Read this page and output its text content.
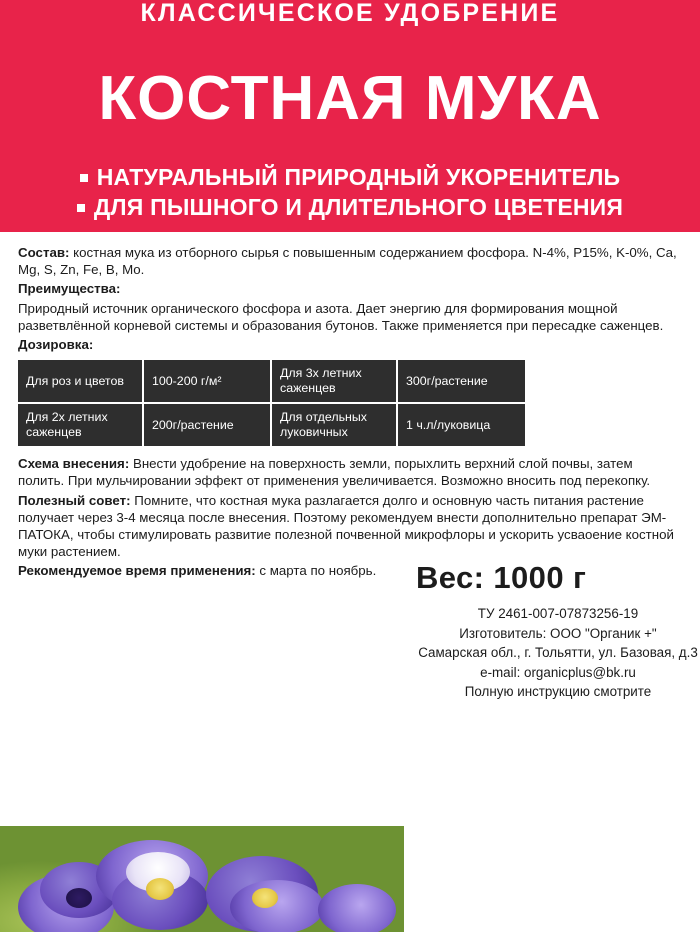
КЛАССИЧЕСКОЕ УДОБРЕНИЕ
КОСТНАЯ МУКА
НАТУРАЛЬНЫЙ ПРИРОДНЫЙ УКОРЕНИТЕЛЬ
ДЛЯ ПЫШНОГО И ДЛИТЕЛЬНОГО ЦВЕТЕНИЯ

Состав: костная мука из отборного сырья с повышенным содержанием фосфора. N-4%, P15%, K-0%, Ca, Mg, S, Zn, Fe, B, Mo.

Преимущества:

Природный источник органического фосфора и азота. Дает энергию для формирования мощной разветвлённой корневой системы и образования бутонов. Также применяется при пересадке саженцев.

Дозировка:

Для роз и цветов	100-200 г/м²	Для 3х летних саженцев	300г/растение
Для 2х летних саженцев	200г/растение	Для отдельных луковичных	1 ч.л/луковица

Схема внесения: Внести удобрение на поверхность земли, порыхлить верхний слой почвы, затем полить. При мульчировании эффект от применения увеличивается. Возможно вносить под перекопку.

Полезный совет: Помните, что костная мука разлагается долго и основную часть питания растение получает через 3-4 месяца после внесения. Поэтому рекомендуем внести дополнительно препарат ЭМ-ПАТОКА, чтобы стимулировать развитие полезной почвенной микрофлоры и ускорить усваоение костной муки растением.

Рекомендуемое время применения: с марта по ноябрь.	Вес: 1000 г
ТУ 2461-007-07873256-19
Изготовитель: ООО "Органик +"
Самарская обл., г. Тольятти, ул. Базовая, д.3
e-mail: organicplus@bk.ru
Полную инструкцию смотрите
